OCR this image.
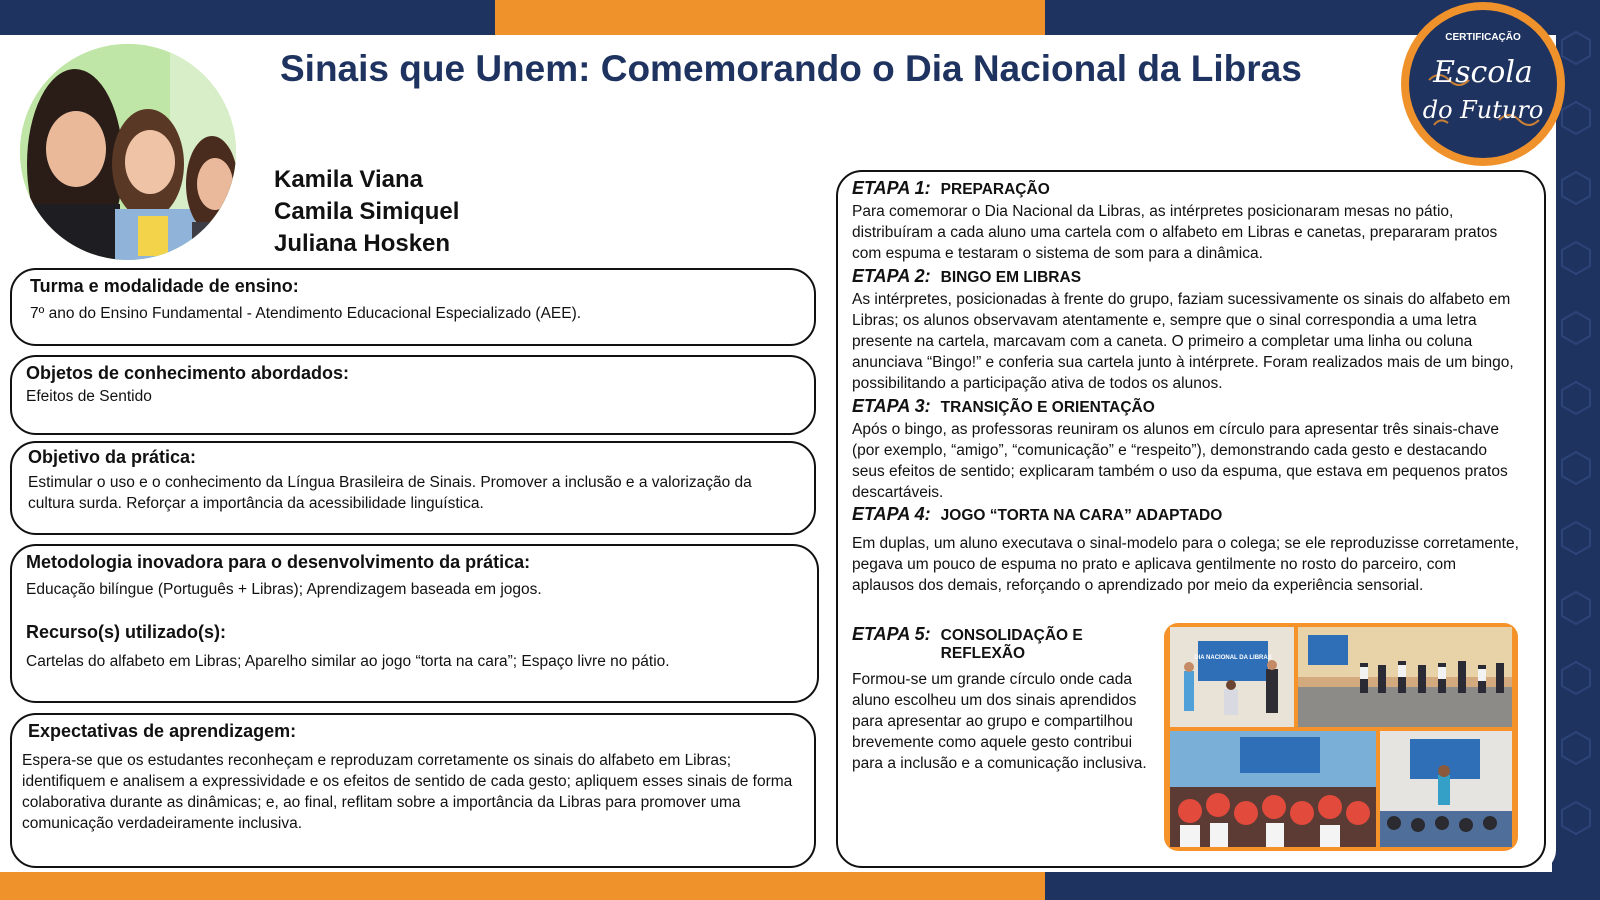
Sinais que Unem: Comemorando o Dia Nacional da Libras
CERTIFICAÇÃO
Escola
do Futuro
Kamila Viana
Camila Simiquel
Juliana Hosken
Turma e modalidade de ensino:

7º ano do Ensino Fundamental - Atendimento Educacional Especializado (AEE).

Objetos de conhecimento abordados:

Efeitos de Sentido

Objetivo da prática:

Estimular o uso e o conhecimento da Língua Brasileira de Sinais. Promover a inclusão e a valorização da cultura surda. Reforçar a importância da acessibilidade linguística.

Metodologia inovadora para o desenvolvimento da prática:

Educação bilíngue (Português + Libras); Aprendizagem baseada em jogos.

Recurso(s) utilizado(s):

Cartelas do alfabeto em Libras; Aparelho similar ao jogo “torta na cara”; Espaço livre no pátio.

Expectativas de aprendizagem:

Espera-se que os estudantes reconheçam e reproduzam corretamente os sinais do alfabeto em Libras; identifiquem e analisem a expressividade e os efeitos de sentido de cada gesto; apliquem esses sinais de forma colaborativa durante as dinâmicas; e, ao final, reflitam sobre a importância da Libras para promover uma comunicação verdadeiramente inclusiva.

ETAPA 1: PREPARAÇÃO
Para comemorar o Dia Nacional da Libras, as intérpretes posicionaram mesas no pátio, distribuíram a cada aluno uma cartela com o alfabeto em Libras e canetas, prepararam pratos com espuma e testaram o sistema de som para a dinâmica.
ETAPA 2: BINGO EM LIBRAS
As intérpretes, posicionadas à frente do grupo, faziam sucessivamente os sinais do alfabeto em Libras; os alunos observavam atentamente e, sempre que o sinal correspondia a uma letra presente na cartela, marcavam com a caneta. O primeiro a completar uma linha ou coluna anunciava “Bingo!” e conferia sua cartela junto à intérprete. Foram realizados mais de um bingo, possibilitando a participação ativa de todos os alunos.
ETAPA 3: TRANSIÇÃO E ORIENTAÇÃO
Após o bingo, as professoras reuniram os alunos em círculo para apresentar três sinais-chave (por exemplo, “amigo”, “comunicação” e “respeito”), demonstrando cada gesto e destacando seus efeitos de sentido; explicaram também o uso da espuma, que estava em pequenos pratos descartáveis.
ETAPA 4: JOGO “TORTA NA CARA” ADAPTADO
Em duplas, um aluno executava o sinal-modelo para o colega; se ele reproduzisse corretamente, pegava um pouco de espuma no prato e aplicava gentilmente no rosto do parceiro, com aplausos dos demais, reforçando o aprendizado por meio da experiência sensorial.
ETAPA 5: CONSOLIDAÇÃO E REFLEXÃO
Formou-se um grande círculo onde cada aluno escolheu um dos sinais aprendidos para apresentar ao grupo e compartilhou brevemente como aquele gesto contribui para a inclusão e a comunicação inclusiva.
DIA NACIONAL DA LIBRAS
